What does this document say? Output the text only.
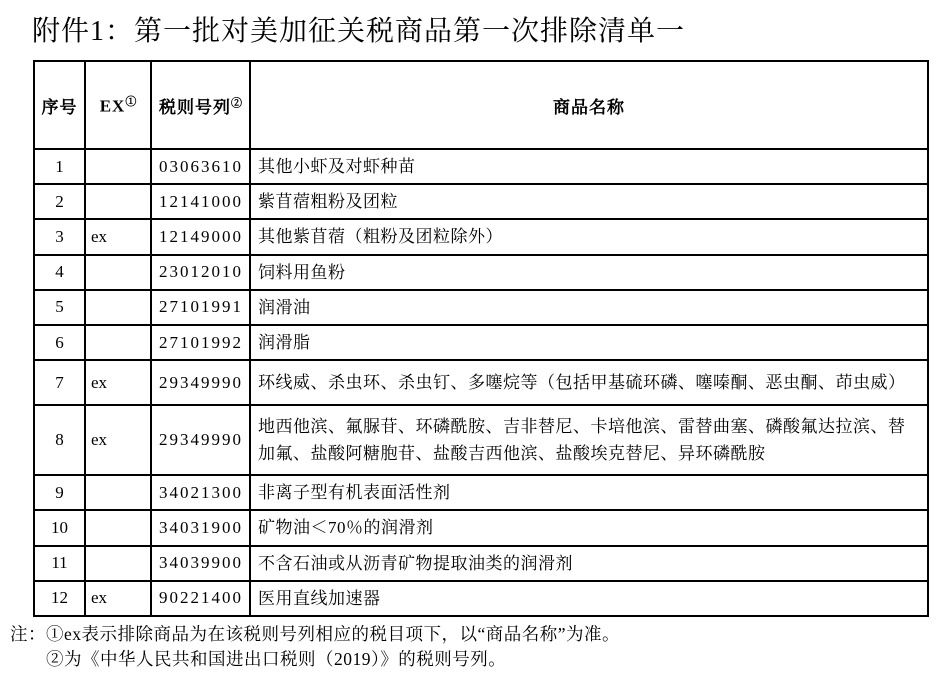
附件1：第一批对美加征关税商品第一次排除清单一
序号	EX①	税则号列②	商品名称
1		03063610	其他小虾及对虾种苗
2		12141000	紫苜蓿粗粉及团粒
3	ex	12149000	其他紫苜蓿（粗粉及团粒除外）
4		23012010	饲料用鱼粉
5		27101991	润滑油
6		27101992	润滑脂
7	ex	29349990	环线威、杀虫环、杀虫钉、多噻烷等（包括甲基硫环磷、噻嗪酮、恶虫酮、茚虫威）
8	ex	29349990	地西他滨、氟脲苷、环磷酰胺、吉非替尼、卡培他滨、雷替曲塞、磷酸氟达拉滨、替加氟、盐酸阿糖胞苷、盐酸吉西他滨、盐酸埃克替尼、异环磷酰胺
9		34021300	非离子型有机表面活性剂
10		34031900	矿物油＜70％的润滑剂
11		34039900	不含石油或从沥青矿物提取油类的润滑剂
12	ex	90221400	医用直线加速器
注： ①ex表示排除商品为在该税则号列相应的税目项下，以“商品名称”为准。
②为《中华人民共和国进出口税则（2019）》的税则号列。
